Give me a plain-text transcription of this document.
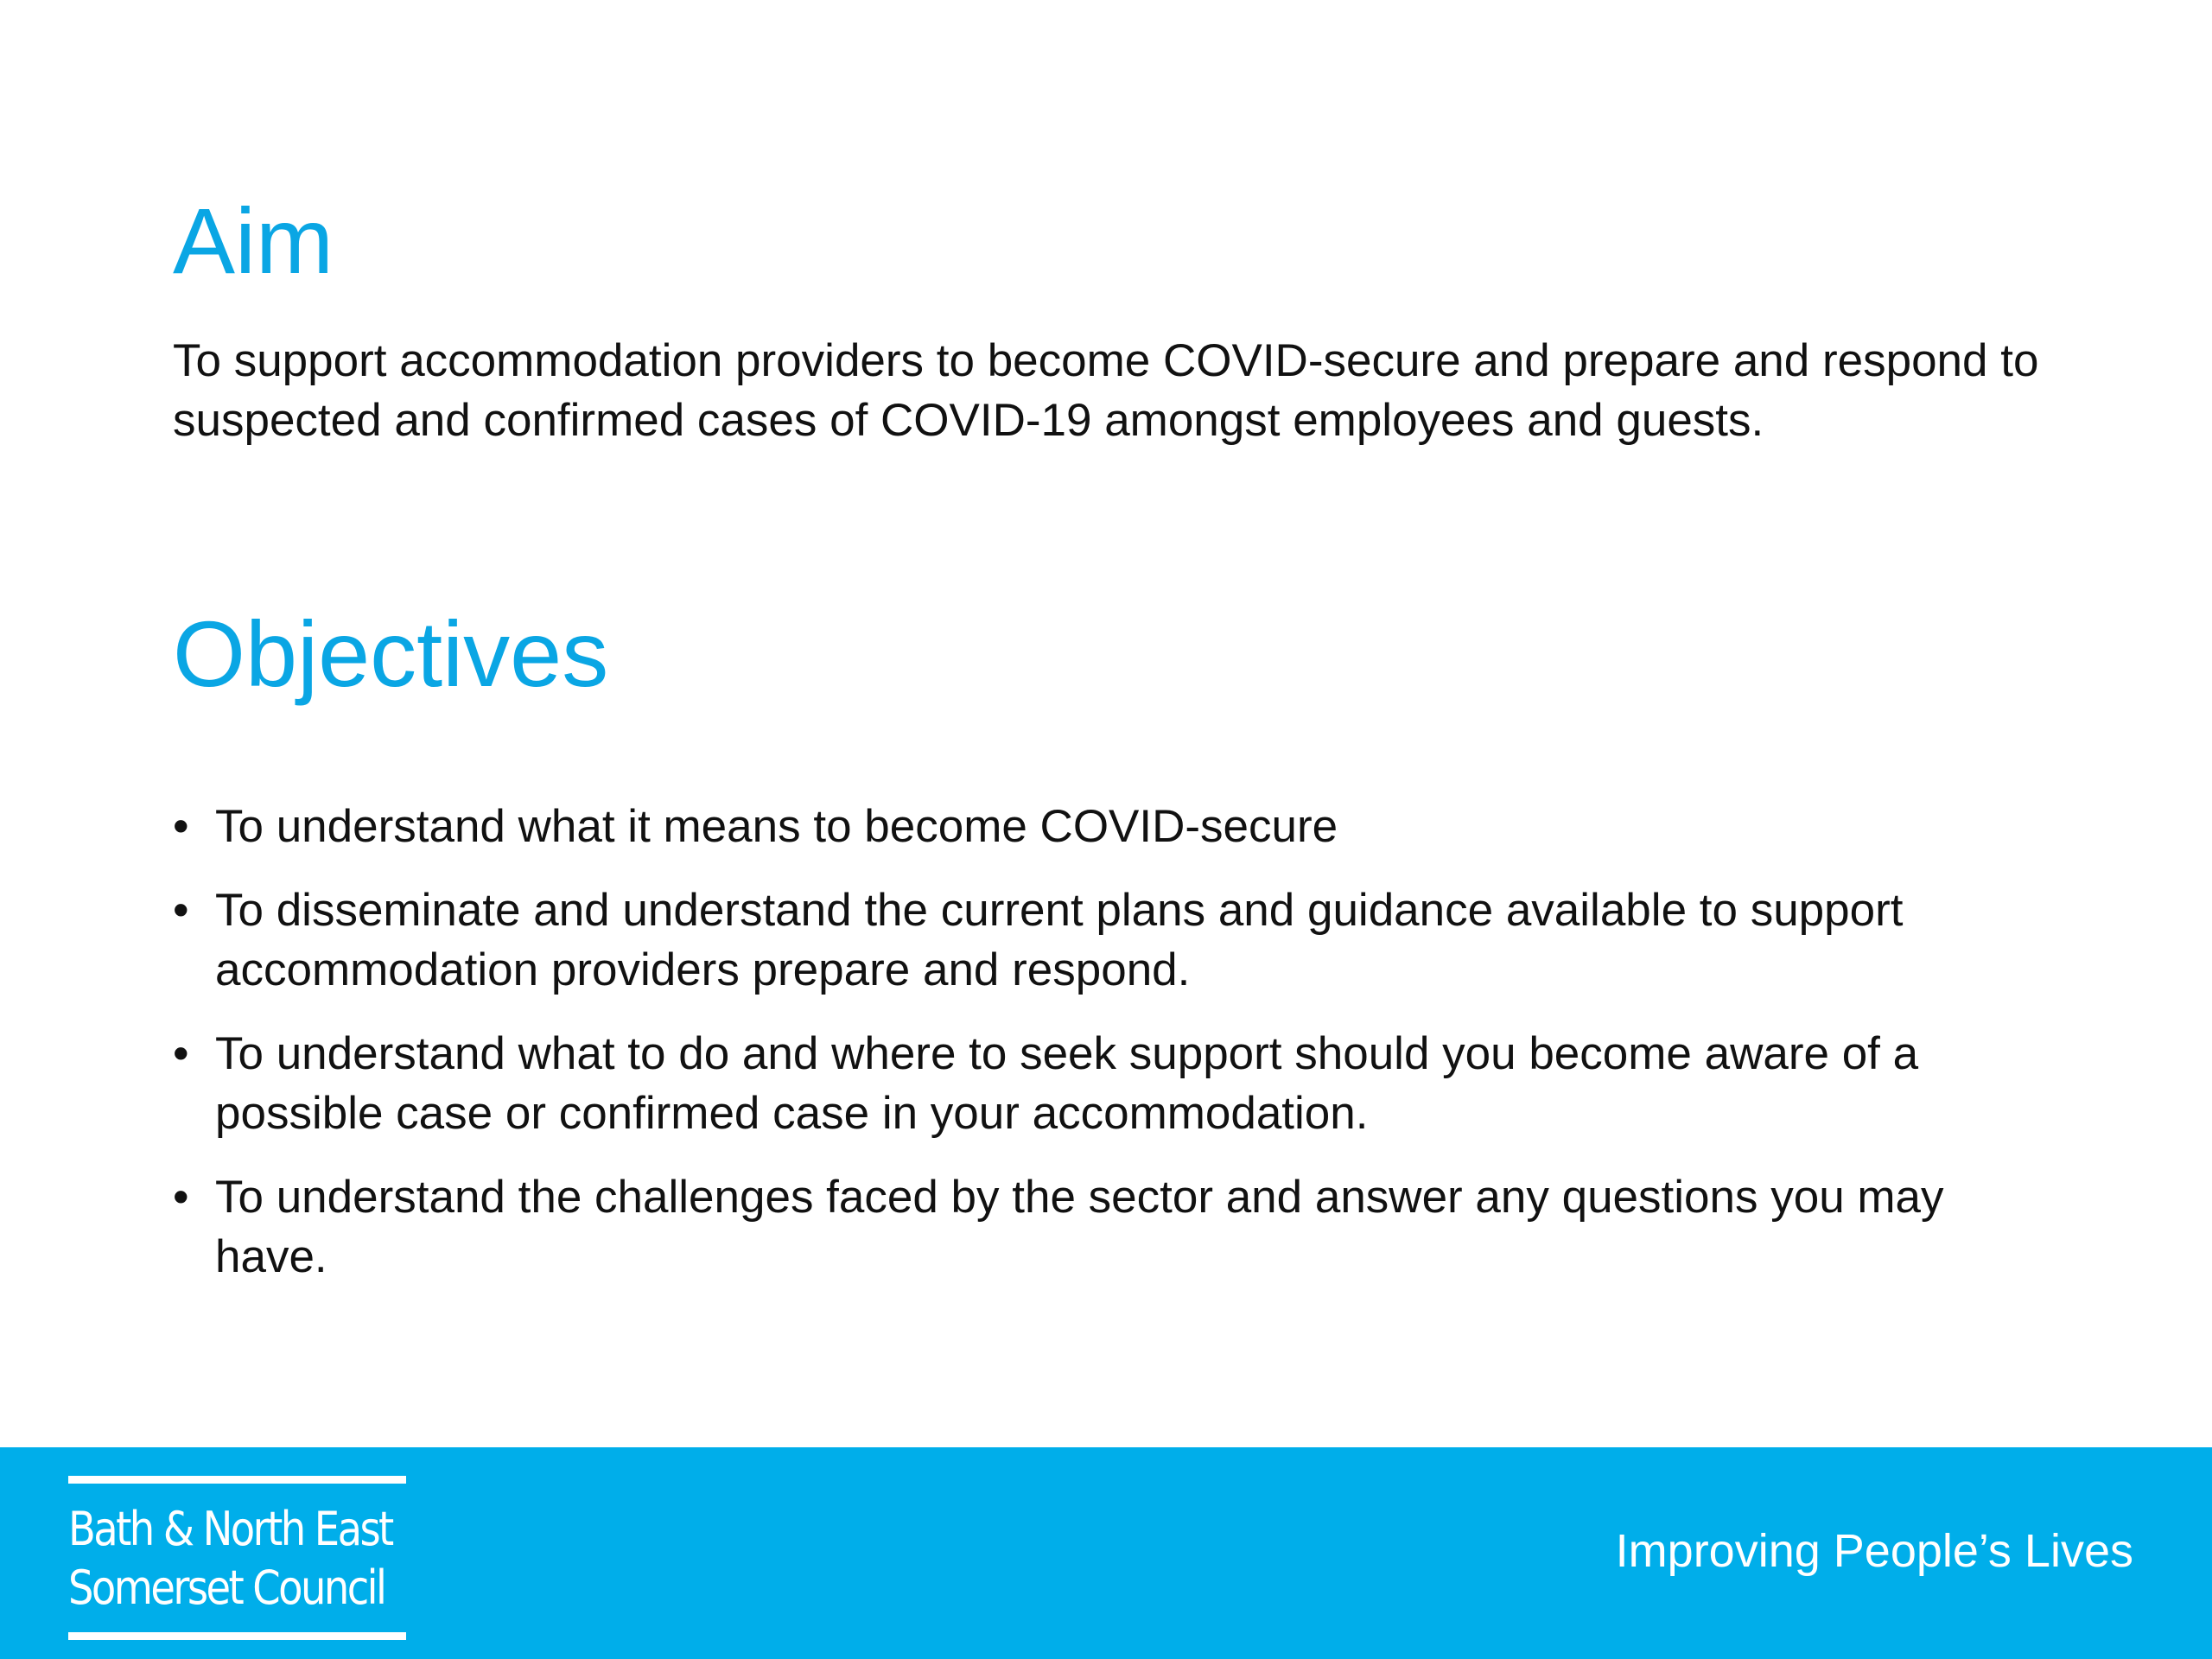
Aim

To support accommodation providers to become COVID-secure and prepare and respond to suspected and confirmed cases of COVID-19 amongst employees and guests.

Objectives
• To understand what it means to become COVID-secure
• To disseminate and understand the current plans and guidance available to support accommodation providers prepare and respond.
• To understand what to do and where to seek support should you become aware of a possible case or confirmed case in your accommodation.
• To understand the challenges faced by the sector and answer any questions you may have.
Bath & North East
Somerset Council
Improving People’s Lives
